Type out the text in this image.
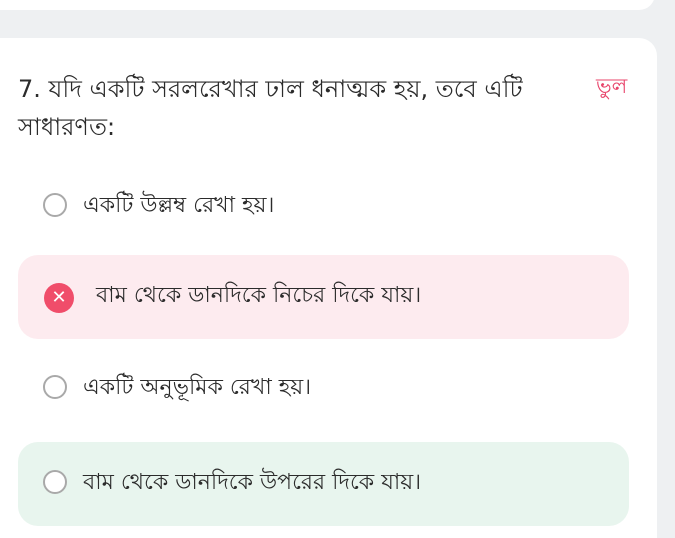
7. যদি একটি সরলরেখার ঢাল ধনাত্মক হয়, তবে এটি সাধারণত:
ভুল
একটি উল্লম্ব রেখা হয়।
✕	বাম থেকে ডানদিকে নিচের দিকে যায়।
একটি অনুভূমিক রেখা হয়।
বাম থেকে ডানদিকে উপরের দিকে যায়।
